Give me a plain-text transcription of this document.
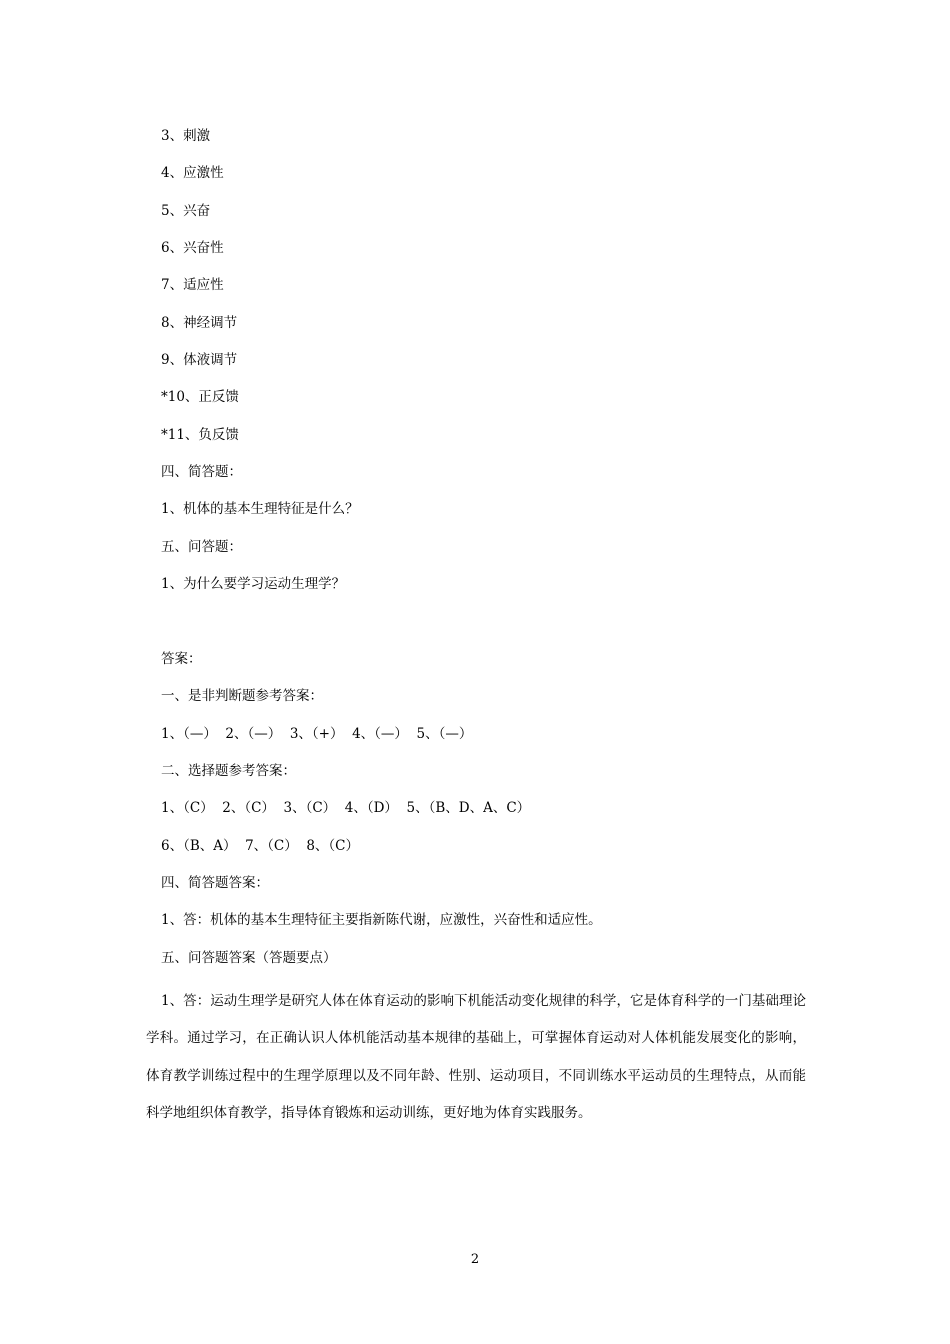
3、刺激
4、应激性
5、兴奋
6、兴奋性
7、适应性
8、神经调节
9、体液调节
*10、正反馈
*11、负反馈
四、简答题：
1、机体的基本生理特征是什么？
五、问答题：
1、为什么要学习运动生理学？
答案：
一、是非判断题参考答案：
1、（—）  2、（—）  3、（+）  4、（—）  5、（—）
二、选择题参考答案：
1、（C）  2、（C）  3、（C）  4、（D）  5、（B、D、A、C）
6、（B、A）  7、（C）  8、（C）
四、简答题答案：
1、答：机体的基本生理特征主要指新陈代谢，应激性，兴奋性和适应性。
五、问答题答案（答题要点）
1、答：运动生理学是研究人体在体育运动的影响下机能活动变化规律的科学，它是体育科学的一门基础理论学科。通过学习，在正确认识人体机能活动基本规律的基础上，可掌握体育运动对人体机能发展变化的影响，体育教学训练过程中的生理学原理以及不同年龄、性别、运动项目，不同训练水平运动员的生理特点，从而能科学地组织体育教学，指导体育锻炼和运动训练，更好地为体育实践服务。
2
